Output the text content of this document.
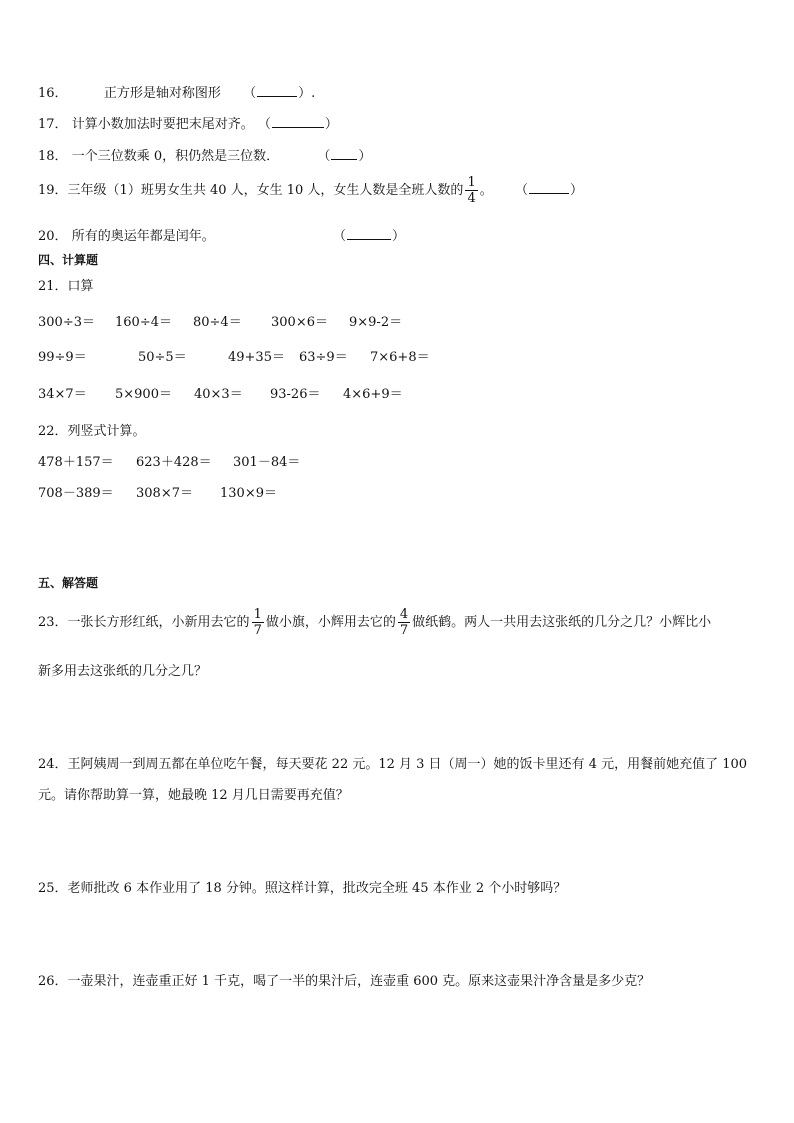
16．	正方形是轴对称图形 （	）.
17． 计算小数加法时要把末尾对齐。 （	）
18． 一个三位数乘 0，积仍然是三位数．	（ ）
19．三年级（1）班男女生共 40 人，女生 10 人，女生人数是全班人数的 $\frac{1}{4}$ 。 （	）
20． 所有的奥运年都是闰年。	（	）
四、计算题
21．口算
300÷3＝ 160÷4＝ 80÷4＝ 300×6＝ 9×9-2＝
99÷9＝	50÷5＝	49+35＝ 63÷9＝ 7×6+8＝
34×7＝ 5×900＝ 40×3＝ 93-26＝ 4×6+9＝
22．列竖式计算。
478＋157＝ 623＋428＝ 301－84＝
708－389＝ 308×7＝ 130×9＝
五、解答题
23．一张长方形红纸，小新用去它的 $\frac{1}{7}$ 做小旗，小辉用去它的 $\frac{4}{7}$ 做纸鹤。两人一共用去这张纸的几分之几？小辉比小
新多用去这张纸的几分之几？
24．王阿姨周一到周五都在单位吃午餐，每天要花 22 元。12 月 3 日（周一）她的饭卡里还有 4 元，用餐前她充值了 100
元。请你帮助算一算，她最晚 12 月几日需要再充值？
25．老师批改 6 本作业用了 18 分钟。照这样计算，批改完全班 45 本作业 2 个小时够吗？
26．一壶果汁，连壶重正好 1 千克，喝了一半的果汁后，连壶重 600 克。原来这壶果汁净含量是多少克？
